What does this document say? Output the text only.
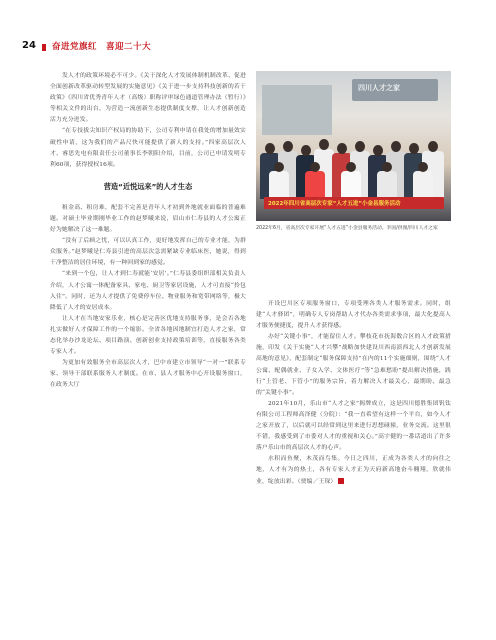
24 奋进党旗红　喜迎二十大

发人才的政策环境必不可少。《关于深化人才发展体制机制改革、促进全面创新改革驱动转型发展的实施意见》《关于进一步支持科技创新的若干政策》《四川省优秀青年人才（高级）职称评审绿色通道管理办法（暂行）》等相关文件的出台，为营造一流创新生态提供制度支撑，让人才创新创造活力充分迸发。

“在专技拔尖知识产权局的协助下，公司专利申请在我处的增加量效实破性申请，这为我们的产品尺快可能提供了新人的支持。”四家高层次人才、睿思先电有限责任公司董事长李朝阳介绍，目前，公司已申请发明专利60项，获得授权16项。

营造“近悦远来”的人才生态

租金高、租房难，配套不完善是青年人才初到外地就业面临的普遍难题。对硕士毕业期刚毕业工作的赵梦曦来说，眉山市仁寿县的人才公寓正好为她解决了这一难题。

“没有了后顾之忧，可以认真工作，更好地发挥自己的专业才能，为群众服务。”赵梦曦是仁寿县引进的高层次急需紧缺专业临床医，她说，得到干净整洁的居住环境，有一种回到家的感觉。

“来到一个包，让人才到仁寿就能‘安居’。”仁寿县委组织部相关负责人介绍，人才公寓一体配备家具、家电、厨卫等家居设施，人才可直接“拎包入住”。同时，还为人才提供了免费停车位、物业服务和宽带网络等，极大降低了人才的安居成本。

让人才在当地安家乐业，核心是完善区优地支持服务事，是会否各地扎实做好人才保障工作的一个缩影。全省各地因地制宜打造人才之家，常态化举办沙龙论坛、项目路演、创新创业支持政策培训等，直接服务各类专家人才。

为更加有效服务全市高层次人才，巴中市建立市领导“一对一”联系专家、领导干部联系服务人才制度。在市、县人才服务中心开设服务窗口，在政务大厅

四川人才之家
2022年四川省高层次专家“人才五进”小金县服务活动

2022年6月，省高层次专家开展“人才五进”小金县服务活动。李国/供图/四川人才之家

开设巴川区专项服务窗口，专项受理各类人才服务需求。同时，组建“人才驿团”，明确专人专岗帮助人才代办各类需求事项，最大化提高人才服务便捷度，提升人才获得感。

办好“关键小事”，才能留住人才。攀枝花市抚海数合区的人才政策措施，印发《关于实施“人才兴攀”战略加快建设川西南滇西北人才创新发展高地的意见》，配套制定“服务保障支持”在内的11个实施细则，围绕“人才公寓、配偶就业、子女入学、文体医疗”等“急难愁盼”提出解决措施，践行“上管老、下管小”的服务宗旨，着力解决人才最关心、最期盼、最急的“关键小事”。

2021年10月，乐山市“人才之家”揭牌成立，这是四川德胜集团钒钛有限公司工程师高泽健（分院）：“我一直希望有这样一个平台，如今人才之家开放了，以后就可以经常到这里来进行思想碰撞，业务交流。这里很不错，我感受到了市委对人才的重视和关心。”高宇健的一番话道出了许多落户乐山市的高层次人才的心声。

水积而鱼聚，木茂而鸟集。今日之四川，正成为各类人才的向往之地，人才有为的热土，各有专家人才正为天府新高地奋斗翱翔，欣就伟业，绽放出彩。（贾编／王琛）
